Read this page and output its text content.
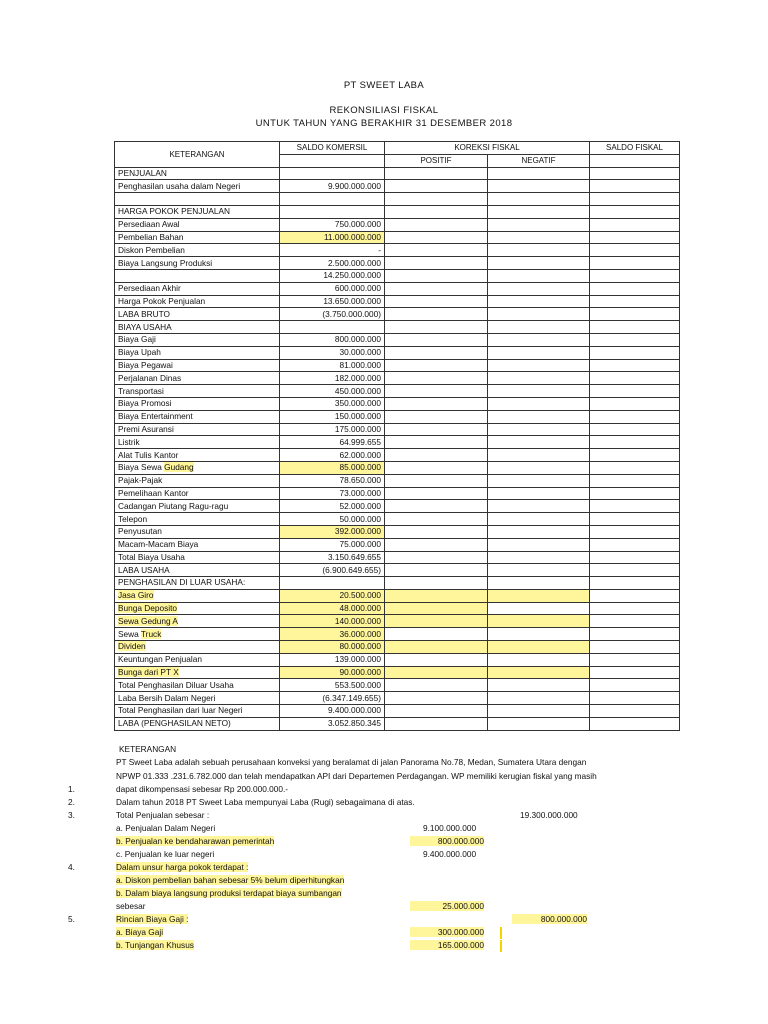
PT SWEET LABA
REKONSILIASI FISKAL
UNTUK TAHUN YANG BERAKHIR 31 DESEMBER 2018
KETERANGAN	SALDO KOMERSIL	KOREKSI FISKAL		SALDO FISKAL
		POSITIF	NEGATIF	
PENJUALAN				
Penghasilan usaha dalam Negeri	9.900.000.000			

HARGA POKOK PENJUALAN				
Persediaan Awal	750.000.000			
Pembelian Bahan	11.000.000.000			
Diskon Pembelian	-			
Biaya Langsung Produksi	2.500.000.000			
	14.250.000.000			
Persediaan Akhir	600.000.000			
Harga Pokok Penjualan	13.650.000.000			
LABA BRUTO	(3.750.000.000)			
BIAYA USAHA				
Biaya Gaji	800.000.000			
Biaya Upah	30.000.000			
Biaya Pegawai	81.000.000			
Perjalanan Dinas	182.000.000			
Transportasi	450.000.000			
Biaya Promosi	350.000.000			
Biaya Entertainment	150.000.000			
Premi Asuransi	175.000.000			
Listrik	64.999.655			
Alat Tulis Kantor	62.000.000			
Biaya Sewa Gudang	85.000.000			
Pajak-Pajak	78.650.000			
Pemelihaan Kantor	73.000.000			
Cadangan Piutang Ragu-ragu	52.000.000			
Telepon	50.000.000			
Penyusutan	392.000.000			
Macam-Macam Biaya	75.000.000			
Total Biaya Usaha	3.150.649.655			
LABA USAHA	(6.900.649.655)			
PENGHASILAN DI LUAR USAHA:				
Jasa Giro	20.500.000			
Bunga Deposito	48.000.000			
Sewa Gedung A	140.000.000			
Sewa Truck	36.000.000			
Dividen	80.000.000			
Keuntungan Penjualan	139.000.000			
Bunga dari PT X	90.000.000			
Total Penghasilan Diluar Usaha	553.500.000			
Laba Bersih Dalam Negeri	(6.347.149.655)			
Total Penghasilan dari luar Negeri	9.400.000.000			
LABA (PENGHASILAN NETO)	3.052.850.345			
KETERANGAN
PT Sweet Laba adalah sebuah perusahaan konveksi yang beralamat di jalan Panorama No.78, Medan, Sumatera Utara dengan
NPWP 01.333 .231.6.782.000 dan telah mendapatkan API dari Departemen Perdagangan. WP memiliki kerugian fiskal yang masih
1.	dapat dikompensasi sebesar Rp 200.000.000.-
2.	Dalam tahun 2018 PT Sweet Laba mempunyai Laba (Rugi) sebagaimana di atas.
3.	Total Penjualan sebesar :	19.300.000.000
a. Penjualan Dalam Negeri	9.100.000.000
b. Penjualan ke bendaharawan pemerintah	800.000.000
c. Penjualan ke luar negeri	9.400.000.000
4.	Dalam unsur harga pokok terdapat :
a. Diskon pembelian bahan sebesar 5% belum diperhitungkan
b. Dalam biaya langsung produksi terdapat biaya sumbangan
sebesar	25.000.000
5.	Rincian Biaya Gaji :	800.000.000
a. Biaya Gaji	300.000.000
b. Tunjangan Khusus	165.000.000
